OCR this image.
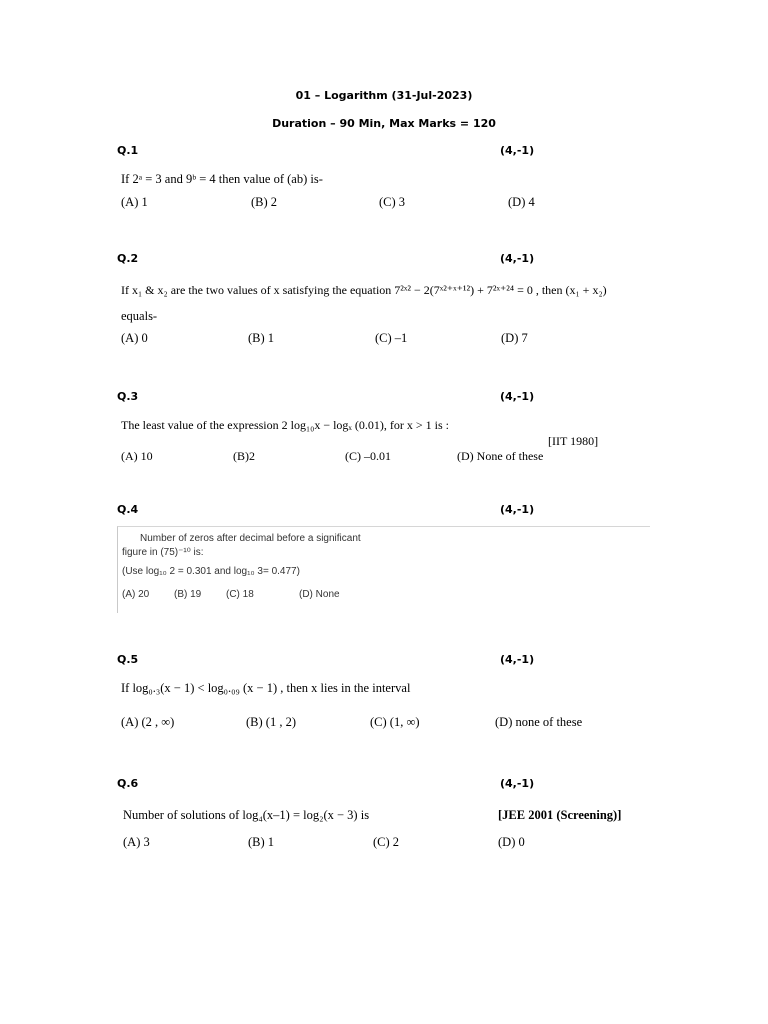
01 – Logarithm (31-Jul-2023)
Duration – 90 Min, Max Marks = 120
Q.1	(4,-1)
If 2ᵃ = 3 and 9ᵇ = 4 then value of (ab) is-
(A) 1	(B) 2	(C) 3	(D) 4
Q.2	(4,-1)
If x₁ & x₂ are the two values of x satisfying the equation 7²ˣ² − 2(7ˣ²⁺ˣ⁺¹²) + 7²ˣ⁺²⁴ = 0 , then (x₁ + x₂)
equals-
(A) 0	(B) 1	(C) –1	(D) 7
Q.3	(4,-1)
The least value of the expression 2 log₁₀x − logₓ (0.01), for x > 1 is :
[IIT 1980]
(A) 10	(B)2	(C) –0.01	(D) None of these
Q.4	(4,-1)
Number of zeros after decimal before a significant
figure in (75)⁻¹⁰ is:
(Use log₁₀ 2 = 0.301 and log₁₀ 3= 0.477)
(A) 20 (B) 19 (C) 18	(D) None
Q.5	(4,-1)
If log₀.₃(x − 1) < log₀.₀₉ (x − 1) , then x lies in the interval
(A) (2 , ∞)	(B) (1 , 2)	(C) (1, ∞)	(D) none of these
Q.6	(4,-1)
Number of solutions of log₄(x–1) = log₂(x − 3) is	[JEE 2001 (Screening)]
(A) 3	(B) 1	(C) 2	(D) 0
